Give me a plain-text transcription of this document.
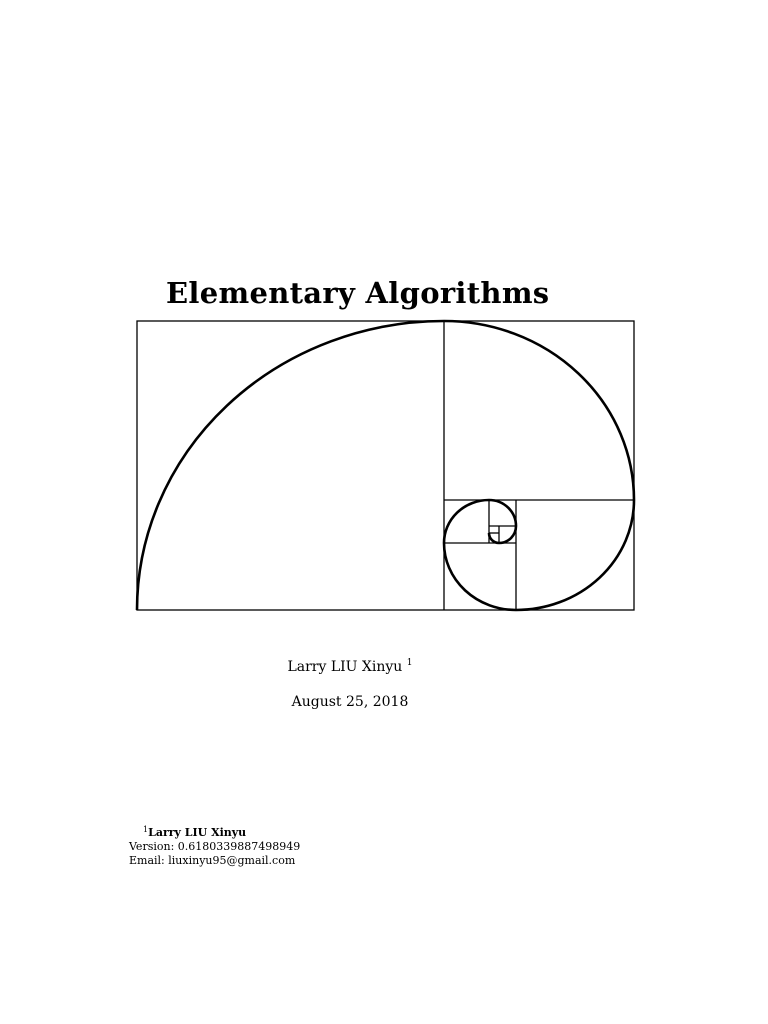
Elementary Algorithms
Larry LIU Xinyu $^1$
August 25, 2018
$^1$Larry LIU Xinyu
Version: 0.6180339887498949
Email: liuxinyu95@gmail.com
